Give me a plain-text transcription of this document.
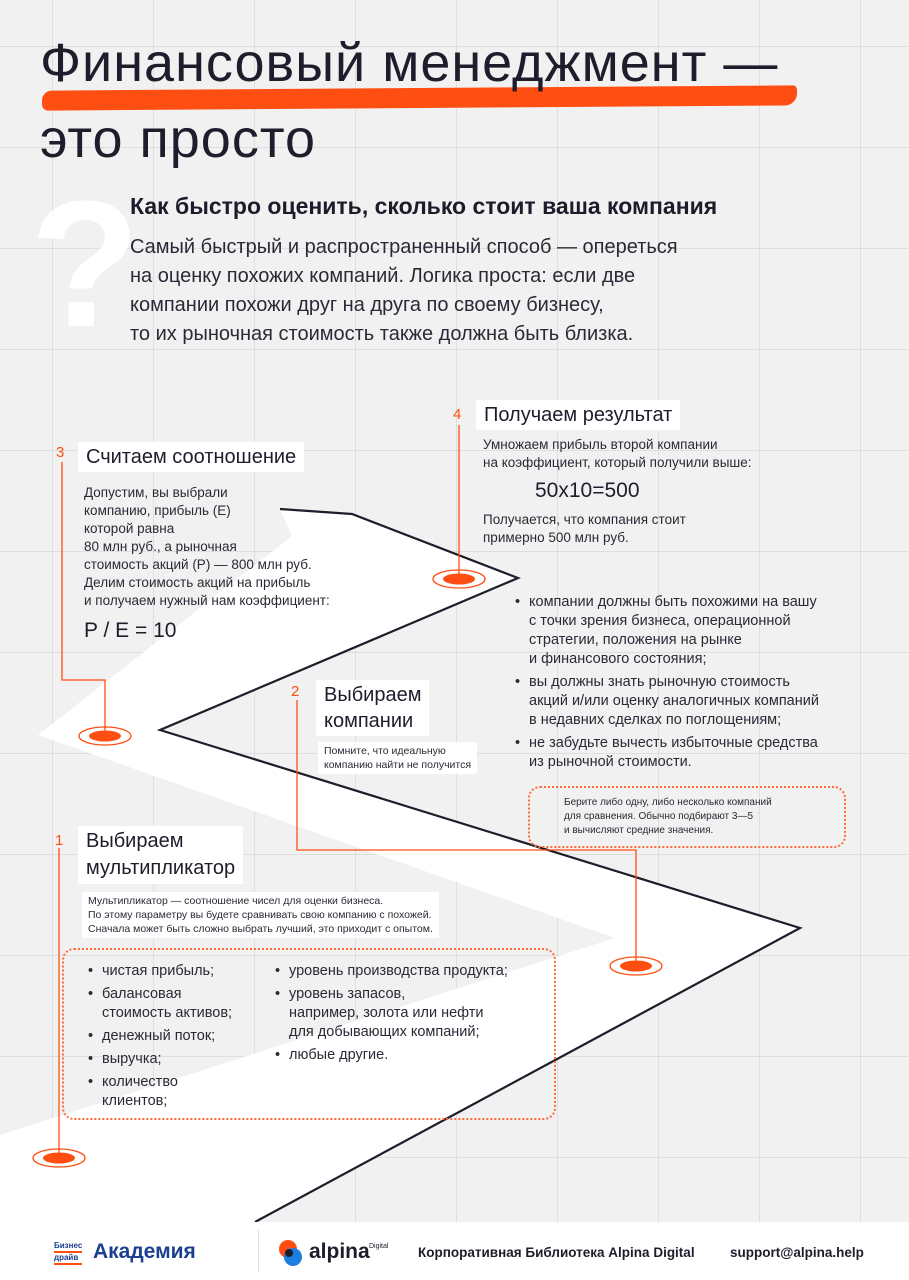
Финансовый менеджмент —
это просто
?
Как быстро оценить, сколько стоит ваша компания

Самый быстрый и распространенный способ — опереться
на оценку похожих компаний. Логика проста: если две
компании похожи друг на друга по своему бизнесу,
то их рыночная стоимость также должна быть близка.

3	Считаем соотношение

Допустим, вы выбрали
компанию, прибыль (E)
которой равна
80 млн руб., а рыночная
стоимость акций (P) — 800 млн руб.
Делим стоимость акций на прибыль
и получаем нужный нам коэффициент:

P / E = 10
4	Получаем результат

Умножаем прибыль второй компании
на коэффициент, который получили выше:

50x10=500

Получается, что компания стоит
примерно 500 млн руб.

2 Выбираем
компании
Помните, что идеальную
компанию найти не получится
• компании должны быть похожими на вашу
с точки зрения бизнеса, операционной
стратегии, положения на рынке
и финансового состояния;
• вы должны знать рыночную стоимость
акций и/или оценку аналогичных компаний
в недавних сделках по поглощениям;
• не забудьте вычесть избыточные средства
из рыночной стоимости.
Берите либо одну, либо несколько компаний
для сравнения. Обычно подбирают 3—5
и вычисляют средние значения.
1 Выбираем
мультипликатор
Мультипликатор — соотношение чисел для оценки бизнеса.
По этому параметру вы будете сравнивать свою компанию с похожей.
Сначала может быть сложно выбрать лучший, это приходит с опытом.
• чистая прибыль;
• балансовая
стоимость активов;
• денежный поток;
• выручка;
• количество
клиентов;
• уровень производства продукта;
• уровень запасов,
например, золота или нефти
для добывающих компаний;
• любые другие.
Бизнес
драйв Академия	alpina Digital Корпоративная Библиотека Alpina Digital	support@alpina.help
